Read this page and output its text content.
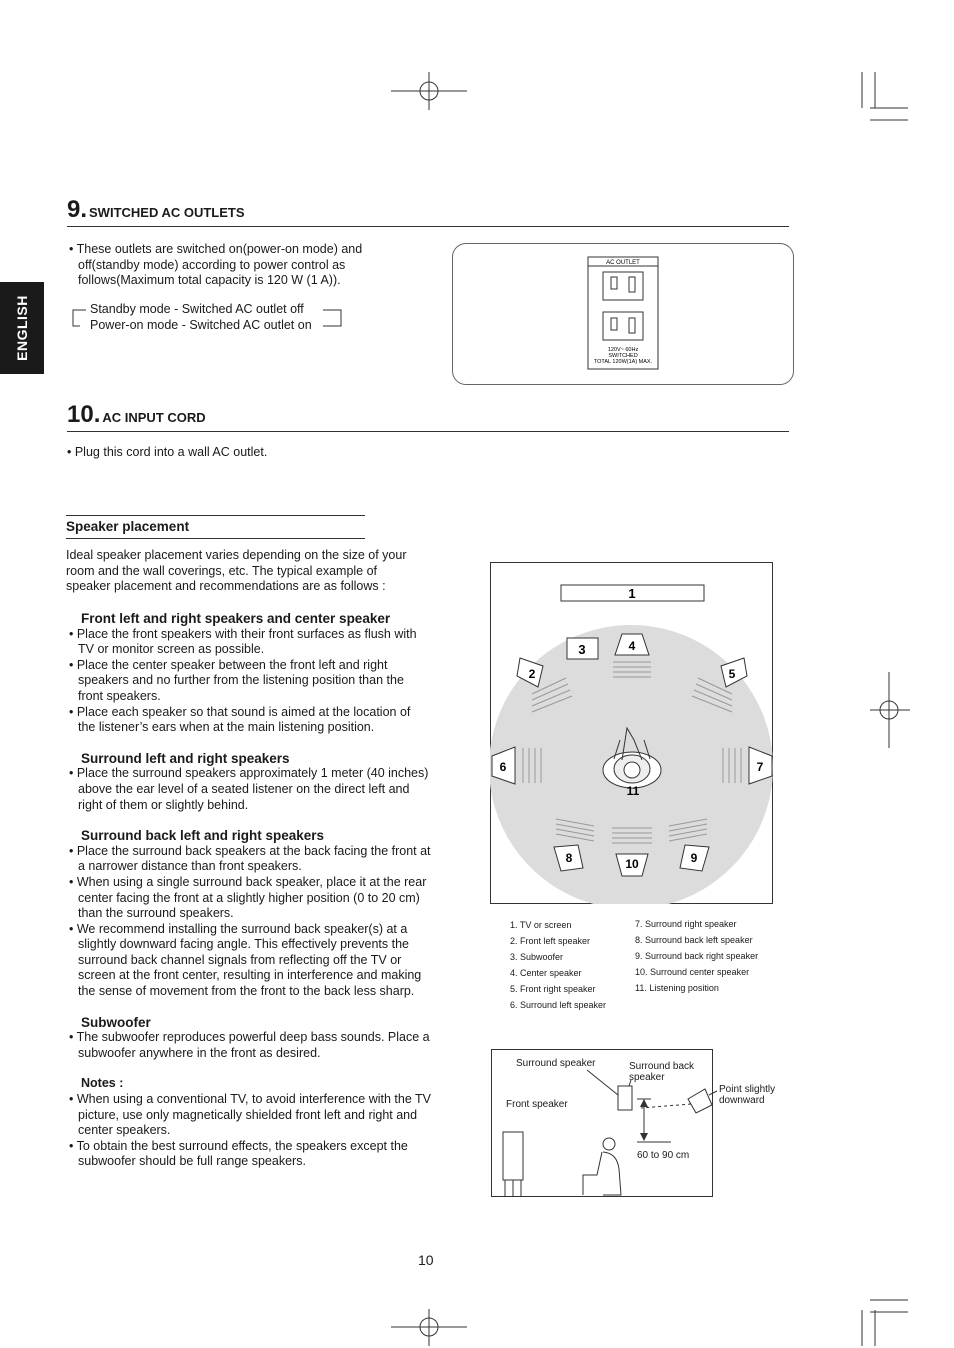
ENGLISH
9. SWITCHED AC OUTLETS

• These outlets are switched on(power-on mode) and off(standby mode) according to power control as follows(Maximum total capacity is 120 W (1 A)).

Standby mode - Switched AC outlet off
Power-on mode - Switched AC outlet on
AC OUTLET
120V~ 60Hz
SWITCHED
TOTAL 120W(1A) MAX.
10. AC INPUT CORD

• Plug this cord into a wall AC outlet.

Speaker placement

Ideal speaker placement varies depending on the size of your room and the wall coverings, etc. The typical example of speaker placement and recommendations are as follows :

Front left and right speakers and center speaker

• Place the front speakers with their front surfaces as flush with TV or monitor screen as possible.

• Place the center speaker between the front left and right speakers and no further from the listening position than the front speakers.

• Place each speaker so that sound is aimed at the location of the listener’s ears when at the main listening position.

Surround left and right speakers

• Place the surround speakers approximately 1 meter (40 inches) above the ear level of a seated listener on the direct left and right of them or slightly behind.

Surround back left and right speakers

• Place the surround back speakers at the back facing the front at a narrower distance than front speakers.

• When using a single surround back speaker, place it at the rear center facing the front at a slightly higher position (0 to 20 cm) than the surround speakers.

• We recommend installing the surround back speaker(s) at a slightly downward facing angle. This effectively prevents the surround back channel signals from reflecting off the TV or screen at the front center, resulting in interference and making the sense of movement from the front to the back less sharp.

Subwoofer

• The subwoofer reproduces powerful deep bass sounds. Place a subwoofer anywhere in the front as desired.

Notes :

• When using a conventional TV, to avoid interference with the TV picture, use only magnetically shielded front left and right and center speakers.

• To obtain the best surround effects, the speakers except the subwoofer should be full range speakers.

1
3	4
2	5
6	7
11
8	9
10
1. TV or screen
2. Front left speaker
3. Subwoofer
4. Center speaker
5. Front right speaker
6. Surround left speaker
7. Surround right speaker
8. Surround back left speaker
9. Surround back right speaker
10. Surround center speaker
11. Listening position
Surround speaker	Surround back speaker
Front speaker
Point slightly downward
60 to 90 cm
10
